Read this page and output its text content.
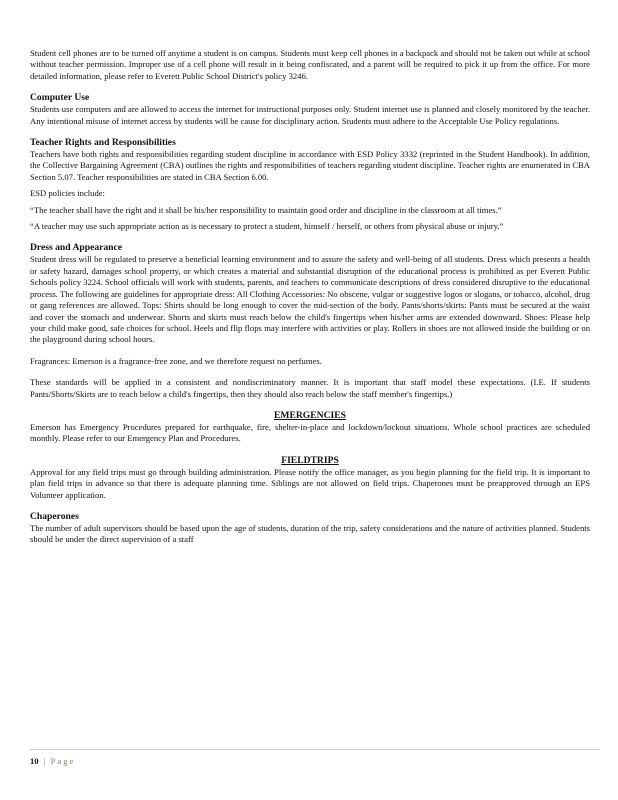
Student cell phones are to be turned off anytime a student is on campus. Students must keep cell phones in a backpack and should not be taken out while at school without teacher permission. Improper use of a cell phone will result in it being confiscated, and a parent will be required to pick it up from the office. For more detailed information, please refer to Everett Public School District's policy 3246.

Computer Use

Students use computers and are allowed to access the internet for instructional purposes only. Student internet use is planned and closely monitored by the teacher. Any intentional misuse of internet access by students will be cause for disciplinary action. Students must adhere to the Acceptable Use Policy regulations.

Teacher Rights and Responsibilities

Teachers have both rights and responsibilities regarding student discipline in accordance with ESD Policy 3332 (reprinted in the Student Handbook). In addition, the Collective Bargaining Agreement (CBA) outlines the rights and responsibilities of teachers regarding student discipline. Teacher rights are enumerated in CBA Section 5.07. Teacher responsibilities are stated in CBA Section 6.00.

ESD policies include:

“The teacher shall have the right and it shall be his/her responsibility to maintain good order and discipline in the classroom at all times.”

“A teacher may use such appropriate action as is necessary to protect a student, himself / herself, or others from physical abuse or injury.”

Dress and Appearance

Student dress will be regulated to preserve a beneficial learning environment and to assure the safety and well-being of all students. Dress which presents a health or safety hazard, damages school property, or which creates a material and substantial disruption of the educational process is prohibited as per Everett Public Schools policy 3224. School officials will work with students, parents, and teachers to communicate descriptions of dress considered disruptive to the educational process. The following are guidelines for appropriate dress: All Clothing Accessories: No obscene, vulgar or suggestive logos or slogans, or tobacco, alcohol, drug or gang references are allowed. Tops: Shirts should be long enough to cover the mid-section of the body. Pants/shorts/skirts: Pants must be secured at the waist and cover the stomach and underwear. Shorts and skirts must reach below the child's fingertips when his/her arms are extended downward. Shoes: Please help your child make good, safe choices for school. Heels and flip flops may interfere with activities or play. Rollers in shoes are not allowed inside the building or on the playground during school hours.

Fragrances: Emerson is a fragrance-free zone, and we therefore request no perfumes.

These standards will be applied in a consistent and nondiscriminatory manner. It is important that staff model these expectations. (I.E. If students Pants/Shorts/Skirts are to reach below a child's fingertips, then they should also reach below the staff member's fingertips.)

EMERGENCIES

Emerson has Emergency Procedures prepared for earthquake, fire, shelter-in-place and lockdown/lockout situations. Whole school practices are scheduled monthly. Please refer to our Emergency Plan and Procedures.

FIELDTRIPS

Approval for any field trips must go through building administration. Please notify the office manager, as you begin planning for the field trip. It is important to plan field trips in advance so that there is adequate planning time. Siblings are not allowed on field trips. Chaperones must be preapproved through an EPS Volunteer application.

Chaperones

The number of adult supervisors should be based upon the age of students, duration of the trip, safety considerations and the nature of activities planned. Students should be under the direct supervision of a staff

10 | Page
